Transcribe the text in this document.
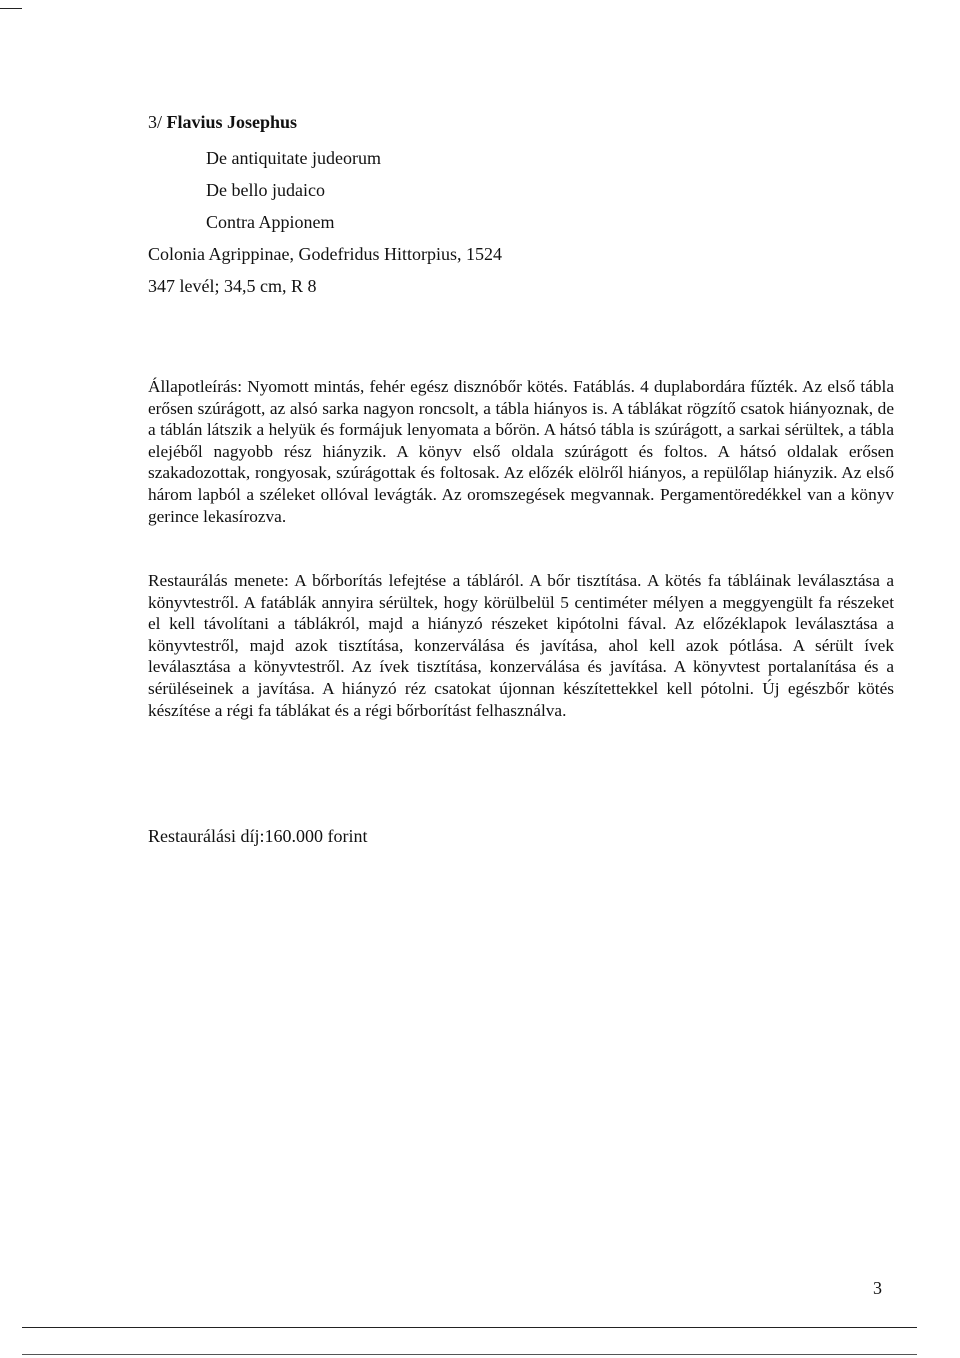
3/ Flavius Josephus
De antiquitate judeorum
De bello judaico
Contra Appionem
Colonia Agrippinae, Godefridus Hittorpius, 1524
347 levél; 34,5 cm, R 8

Állapotleírás: Nyomott mintás, fehér egész disznóbőr kötés. Fatáblás. 4 duplabordára fűzték. Az első tábla erősen szúrágott, az alsó sarka nagyon roncsolt, a tábla hiányos is. A táblákat rögzítő csatok hiányoznak, de a táblán látszik a helyük és formájuk lenyomata a bőrön. A hátsó tábla is szúrágott, a sarkai sérültek, a tábla elejéből nagyobb rész hiányzik. A könyv első oldala szúrágott és foltos. A hátsó oldalak erősen szakadozottak, rongyosak, szúrágottak és foltosak. Az előzék elölről hiányos, a repülőlap hiányzik. Az első három lapból a széleket ollóval levágták. Az oromszegések megvannak. Pergamentöredékkel van a könyv gerince lekasírozva.

Restaurálás menete: A bőrborítás lefejtése a tábláról. A bőr tisztítása. A kötés fa tábláinak leválasztása a könyvtestről. A fatáblák annyira sérültek, hogy körülbelül 5 centiméter mélyen a meggyengült fa részeket el kell távolítani a táblákról, majd a hiányzó részeket kipótolni fával. Az előzéklapok leválasztása a könyvtestről, majd azok tisztítása, konzerválása és javítása, ahol kell azok pótlása. A sérült ívek leválasztása a könyvtestről. Az ívek tisztítása, konzerválása és javítása. A könyvtest portalanítása és a sérüléseinek a javítása. A hiányzó réz csatokat újonnan készítettekkel kell pótolni. Új egészbőr kötés készítése a régi fa táblákat és a régi bőrborítást felhasználva.

Restaurálási díj:160.000 forint
3
